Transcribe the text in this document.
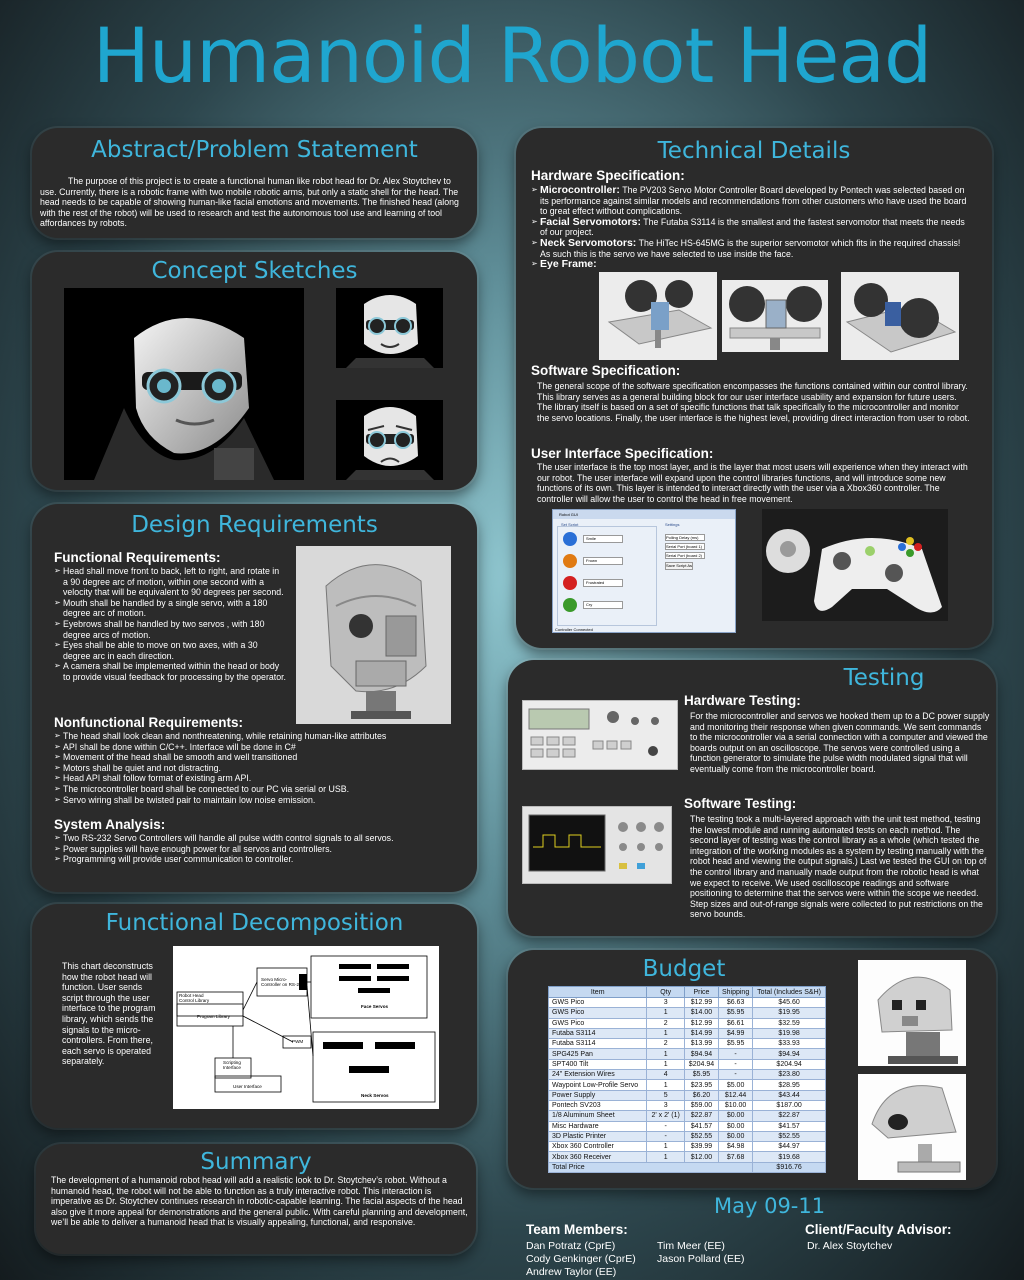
Humanoid Robot Head
Abstract/Problem Statement
The purpose of this project is to create a functional human like robot head for Dr. Alex Stoytchev to use. Currently, there is a robotic frame with two mobile robotic arms, but only a static shell for the head. The head needs to be capable of showing human-like facial emotions and movements. The finished head (along with the rest of the robot) will be used to research and test the autonomous tool use and learning of tool affordances by robots.
Concept Sketches
Design Requirements
Functional Requirements:
➢ Head shall move front to back, left to right, and rotate in a 90 degree arc of motion, within one second with a velocity that will be equivalent to 90 degrees per second.
➢ Mouth shall be handled by a single servo, with a 180 degree arc of motion.
➢ Eyebrows shall be handled by two servos , with 180 degree arcs of motion.
➢ Eyes shall be able to move on two axes, with a 30 degree arc in each direction.
➢ A camera shall be implemented within the head or body to provide visual feedback for processing by the operator.
Nonfunctional Requirements:
➢ The head shall look clean and nonthreatening, while retaining human-like attributes
➢ API shall be done within C/C++. Interface will be done in C#
➢ Movement of the head shall be smooth and well transitioned
➢ Motors shall be quiet and not distracting.
➢ Head API shall follow format of existing arm API.
➢ The microcontroller board shall be connected to our PC via serial or USB.
➢ Servo wiring shall be twisted pair to maintain low noise emission.
System Analysis:
➢ Two RS-232 Servo Controllers will handle all pulse width control signals to all servos.
➢ Power supplies will have enough power for all servos and controllers.
➢ Programming will provide user communication to controller.
Functional Decomposition
This chart deconstructs how the robot head will function. User sends script through the user interface to the program library, which sends the signals to the micro-controllers. From there, each servo is operated separately.
Robot Head Control Library
Program Library
Servo Micro-Controller on RS-232
Face Servos
PWM
Scripting Interface
User Interface
Neck Servos
Summary
The development of a humanoid robot head will add a realistic look to Dr. Stoytchev’s robot. Without a humanoid head, the robot will not be able to function as a truly interactive robot. This interaction is imperative as Dr. Stoytchev continues research in robotic-capable learning. The facial aspects of the head also give it more appeal for demonstrations and the general public. With careful planning and development, we’ll be able to deliver a humanoid head that is visually appealing, functional, and responsive.
Technical Details
Hardware Specification:
➢ Microcontroller: The PV203 Servo Motor Controller Board developed by Pontech was selected based on its performance against similar models and recommendations from other customers who have used the board to great effect without complications.
➢ Facial Servomotors: The Futaba S3114 is the smallest and the fastest servomotor that meets the needs of our project.
➢ Neck Servomotors: The HiTec HS-645MG is the superior servomotor which fits in the required chassis! As such this is the servo we have selected to use inside the face.
➢ Eye Frame:
Software Specification:
The general scope of the software specification encompasses the functions contained within our control library. This library serves as a general building block for our user interface usability and expansion for future users. The library itself is based on a set of specific functions that talk specifically to the microcontroller and monitor the servo locations. Finally, the user interface is the highest level, providing direct interaction from user to robot.
User Interface Specification:
The user interface is the top most layer, and is the layer that most users will experience when they interact with our robot. The user interface will expand upon the control libraries functions, and will introduce some new functions of its own. This layer is intended to interact directly with the user via a Xbox360 controller. The controller will allow the user to control the head in free movement.
Robot GUI
Set Script	Settings
Smile
Frown
Frustrated
Cry
Polling Delay (ms)
Serial Port (board 1)
Serial Port (board 2)
Save Script As
Controller Connected
Testing
Hardware Testing:
For the microcontroller and servos we hooked them up to a DC power supply and monitoring their response when given commands. We sent commands to the microcontroller via a serial connection with a computer and viewed the boards output on an oscilloscope. The servos were controlled using a function generator to simulate the pulse width modulated signal that will eventually come from the microcontroller board.
Software Testing:
The testing took a multi-layered approach with the unit test method, testing the lowest module and running automated tests on each method. The second layer of testing was the control library as a whole (which tested the integration of the working modules as a system by testing manually with the robot head and viewing the output signals.) Last we tested the GUI on top of the control library and manually made output from the robotic head is what we expect to receive. We used oscilloscope readings and software positioning to determine that the servos were within the scope we needed. Step sizes and out-of-range signals were collected to put restrictions on the servo bounds.
Budget
Item	Qty	Price	Shipping	Total (Includes S&H)
GWS Pico	3	$12.99	$6.63	$45.60
GWS Pico	1	$14.00	$5.95	$19.95
GWS Pico	2	$12.99	$6.61	$32.59
Futaba S3114	1	$14.99	$4.99	$19.98
Futaba S3114	2	$13.99	$5.95	$33.93
SPG425 Pan	1	$94.94	-	$94.94
SPT400 Tilt	1	$204.94	-	$204.94
24" Extension Wires	4	$5.95	-	$23.80
Waypoint Low-Profile Servo	1	$23.95	$5.00	$28.95
Power Supply	5	$6.20	$12.44	$43.44
Pontech SV203	3	$59.00	$10.00	$187.00
1/8 Aluminum Sheet	2' x 2' (1)	$22.87	$0.00	$22.87
Misc Hardware	-	$41.57	$0.00	$41.57
3D Plastic Printer	-	$52.55	$0.00	$52.55
Xbox 360 Controller	1	$39.99	$4.98	$44.97
Xbox 360 Receiver	1	$12.00	$7.68	$19.68
Total Price				$916.76
May 09-11
Team Members:
Dan Potratz (CprE)
Cody Genkinger (CprE)
Andrew Taylor (EE)
Tim Meer (EE)
Jason Pollard (EE)
Client/Faculty Advisor:
Dr. Alex Stoytchev
